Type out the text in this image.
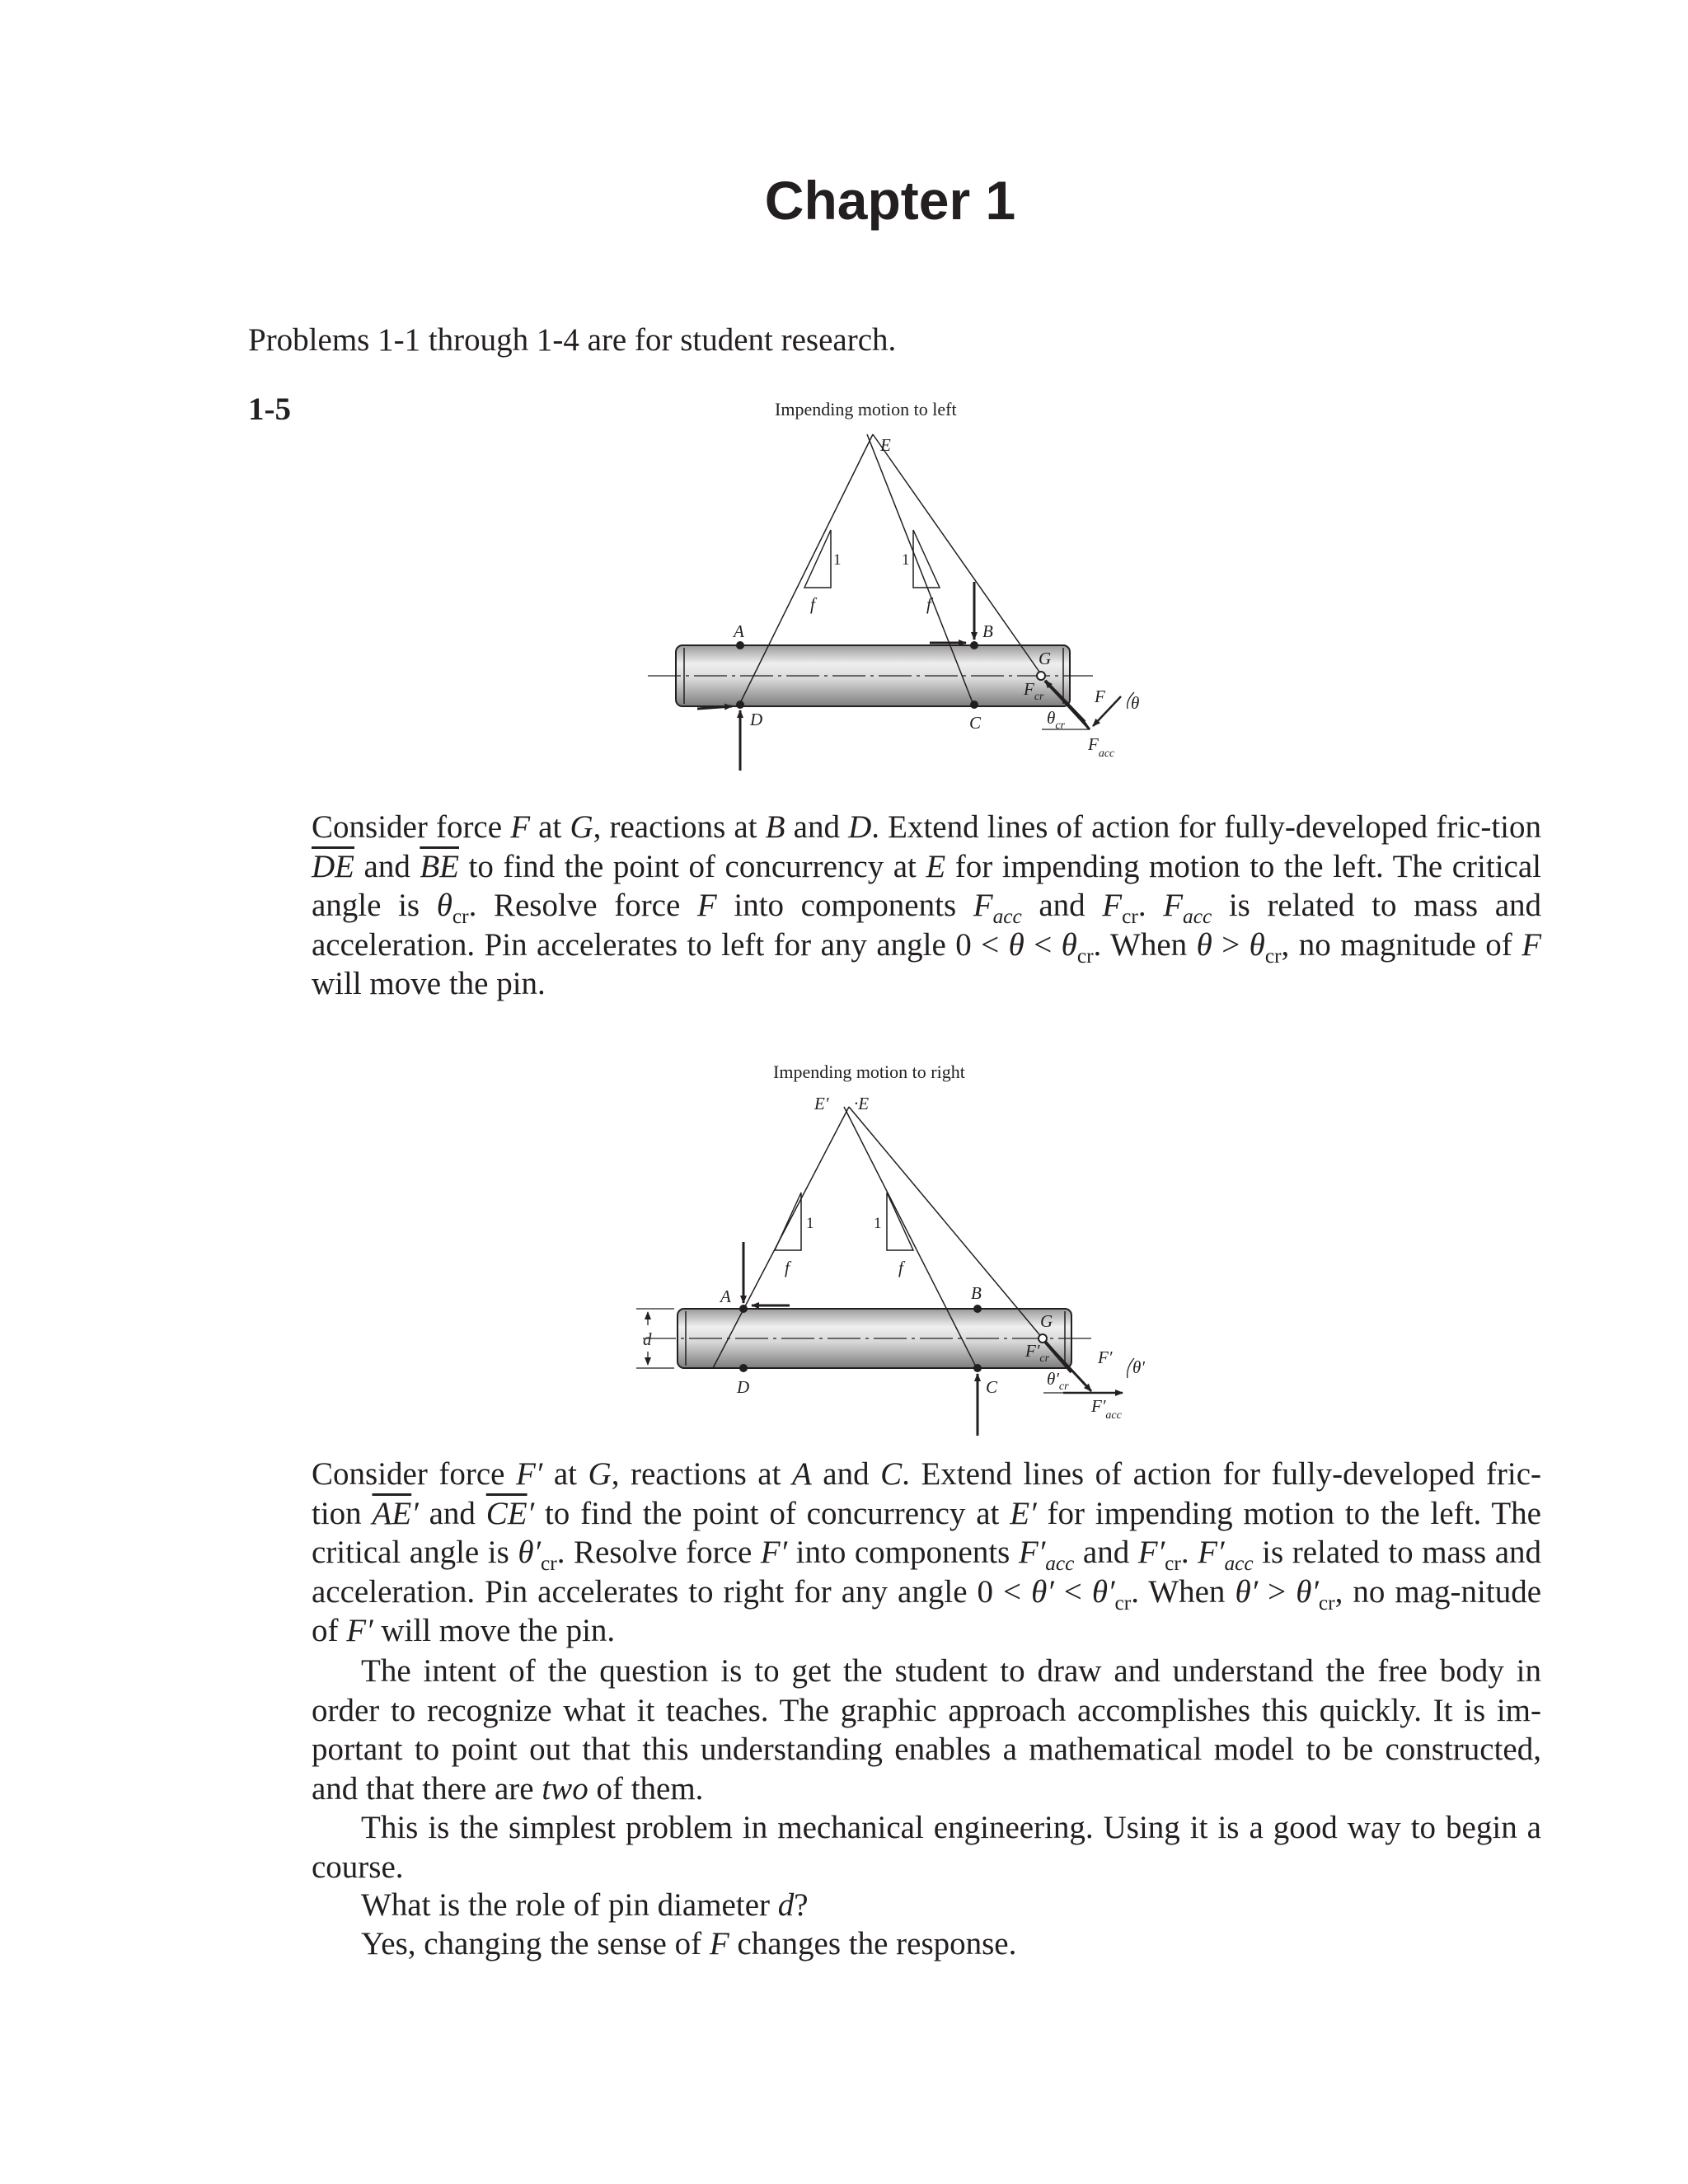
Chapter 1

Problems 1-1 through 1-4 are for student research.

1-5	Impending motion to left
E
1	1
f	f
A	B
D	C
G
F θ
$F_{cr}$
$\theta_{cr}$
$F_{acc}$

Consider force F at G, reactions at B and D. Extend lines of action for fully-developed fric-tion $\overline{DE}$ and $\overline{BE}$ to find the point of concurrency at E for impending motion to the left. The critical angle is $\theta_{cr}$. Resolve force F into components $F_{acc}$ and $F_{cr}$. $F_{acc}$ is related to mass and acceleration. Pin accelerates to left for any angle $0 < \theta < \theta_{cr}$. When $\theta > \theta_{cr}$, no magnitude of F will move the pin.

Impending motion to right
d
E′ ·E
1	1
f	f
A	B
D	C
G
F′ θ′
$F'_{cr}$
$\theta'_{cr}$
$F'_{acc}$

Consider force F′ at G, reactions at A and C. Extend lines of action for fully-developed fric-tion $\overline{AE}'$ and $\overline{CE}'$ to find the point of concurrency at E′ for impending motion to the left. The critical angle is $\theta'_{cr}$. Resolve force F′ into components $F'_{acc}$ and $F'_{cr}$. $F'_{acc}$ is related to mass and acceleration. Pin accelerates to right for any angle $0 < \theta' < \theta'_{cr}$. When $\theta' > \theta'_{cr}$, no mag-nitude of F′ will move the pin.

The intent of the question is to get the student to draw and understand the free body in order to recognize what it teaches. The graphic approach accomplishes this quickly. It is im-portant to point out that this understanding enables a mathematical model to be constructed, and that there are two of them.

This is the simplest problem in mechanical engineering. Using it is a good way to begin a course.

What is the role of pin diameter d?

Yes, changing the sense of F changes the response.
